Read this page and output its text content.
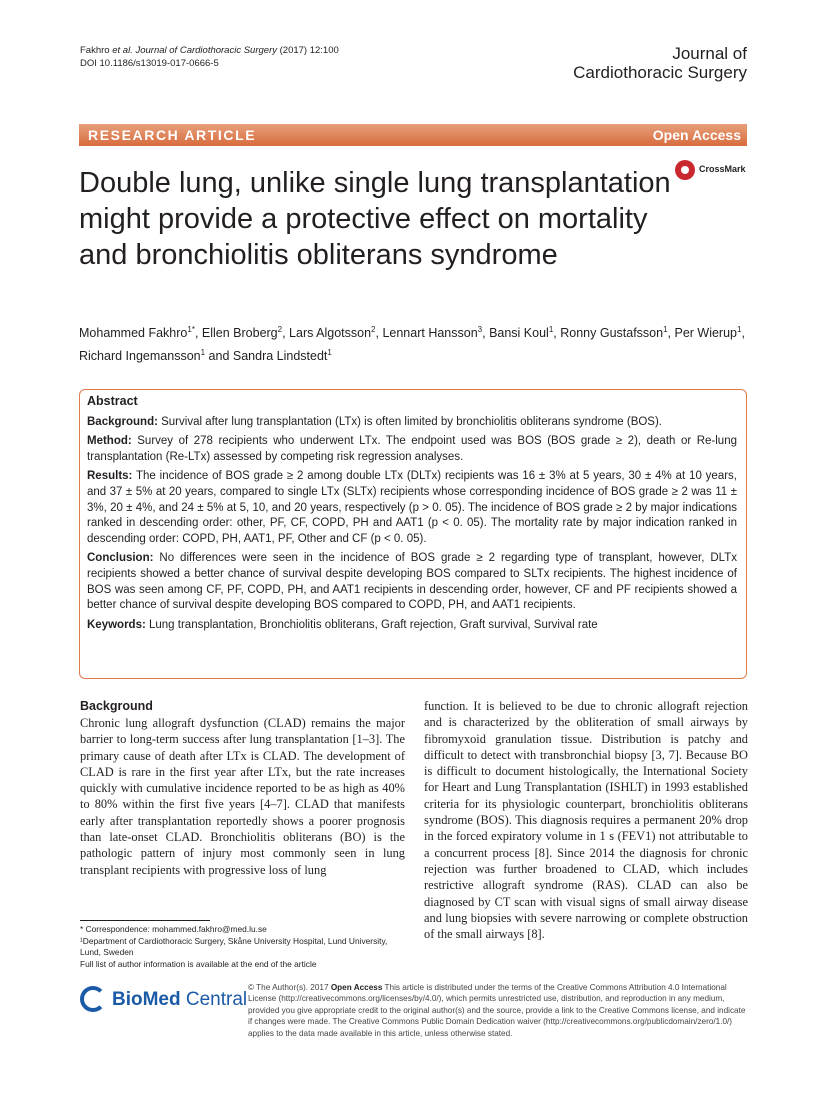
Fakhro et al. Journal of Cardiothoracic Surgery (2017) 12:100
DOI 10.1186/s13019-017-0666-5
Journal of
Cardiothoracic Surgery
RESEARCH ARTICLE	Open Access
CrossMark
Double lung, unlike single lung transplantation might provide a protective effect on mortality and bronchiolitis obliterans syndrome
Mohammed Fakhro$^{1*}$, Ellen Broberg$^2$, Lars Algotsson$^2$, Lennart Hansson$^3$, Bansi Koul$^1$, Ronny Gustafsson$^1$, Per Wierup$^1$, Richard Ingemansson$^1$ and Sandra Lindstedt$^1$
Abstract

Background: Survival after lung transplantation (LTx) is often limited by bronchiolitis obliterans syndrome (BOS).

Method: Survey of 278 recipients who underwent LTx. The endpoint used was BOS (BOS grade ≥ 2), death or Re-lung transplantation (Re-LTx) assessed by competing risk regression analyses.

Results: The incidence of BOS grade ≥ 2 among double LTx (DLTx) recipients was 16 ± 3% at 5 years, 30 ± 4% at 10 years, and 37 ± 5% at 20 years, compared to single LTx (SLTx) recipients whose corresponding incidence of BOS grade ≥ 2 was 11 ± 3%, 20 ± 4%, and 24 ± 5% at 5, 10, and 20 years, respectively (p > 0. 05). The incidence of BOS grade ≥ 2 by major indications ranked in descending order: other, PF, CF, COPD, PH and AAT1 (p < 0. 05). The mortality rate by major indication ranked in descending order: COPD, PH, AAT1, PF, Other and CF (p < 0. 05).

Conclusion: No differences were seen in the incidence of BOS grade ≥ 2 regarding type of transplant, however, DLTx recipients showed a better chance of survival despite developing BOS compared to SLTx recipients. The highest incidence of BOS was seen among CF, PF, COPD, PH, and AAT1 recipients in descending order, however, CF and PF recipients showed a better chance of survival despite developing BOS compared to COPD, PH, and AAT1 recipients.

Keywords: Lung transplantation, Bronchiolitis obliterans, Graft rejection, Graft survival, Survival rate

Background
Chronic lung allograft dysfunction (CLAD) remains the major barrier to long-term success after lung transplantation [1–3]. The primary cause of death after LTx is CLAD. The development of CLAD is rare in the first year after LTx, but the rate increases quickly with cumulative incidence reported to be as high as 40% to 80% within the first five years [4–7]. CLAD that manifests early after transplantation reportedly shows a poorer prognosis than late-onset CLAD. Bronchiolitis obliterans (BO) is the pathologic pattern of injury most commonly seen in lung transplant recipients with progressive loss of lung
function. It is believed to be due to chronic allograft rejection and is characterized by the obliteration of small airways by fibromyxoid granulation tissue. Distribution is patchy and difficult to detect with transbronchial biopsy [3, 7]. Because BO is difficult to document histologically, the International Society for Heart and Lung Transplantation (ISHLT) in 1993 established criteria for its physiologic counterpart, bronchiolitis obliterans syndrome (BOS). This diagnosis requires a permanent 20% drop in the forced expiratory volume in 1 s (FEV1) not attributable to a concurrent process [8]. Since 2014 the diagnosis for chronic rejection was further broadened to CLAD, which includes restrictive allograft syndrome (RAS). CLAD can also be diagnosed by CT scan with visual signs of small airway disease and lung biopsies with severe narrowing or complete obstruction of the small airways [8].

* Correspondence: mohammed.fakhro@med.lu.se

¹Department of Cardiothoracic Surgery, Skåne University Hospital, Lund University, Lund, Sweden

Full list of author information is available at the end of the article

BioMed Central
© The Author(s). 2017 Open Access This article is distributed under the terms of the Creative Commons Attribution 4.0 International License (http://creativecommons.org/licenses/by/4.0/), which permits unrestricted use, distribution, and reproduction in any medium, provided you give appropriate credit to the original author(s) and the source, provide a link to the Creative Commons license, and indicate if changes were made. The Creative Commons Public Domain Dedication waiver (http://creativecommons.org/publicdomain/zero/1.0/) applies to the data made available in this article, unless otherwise stated.
